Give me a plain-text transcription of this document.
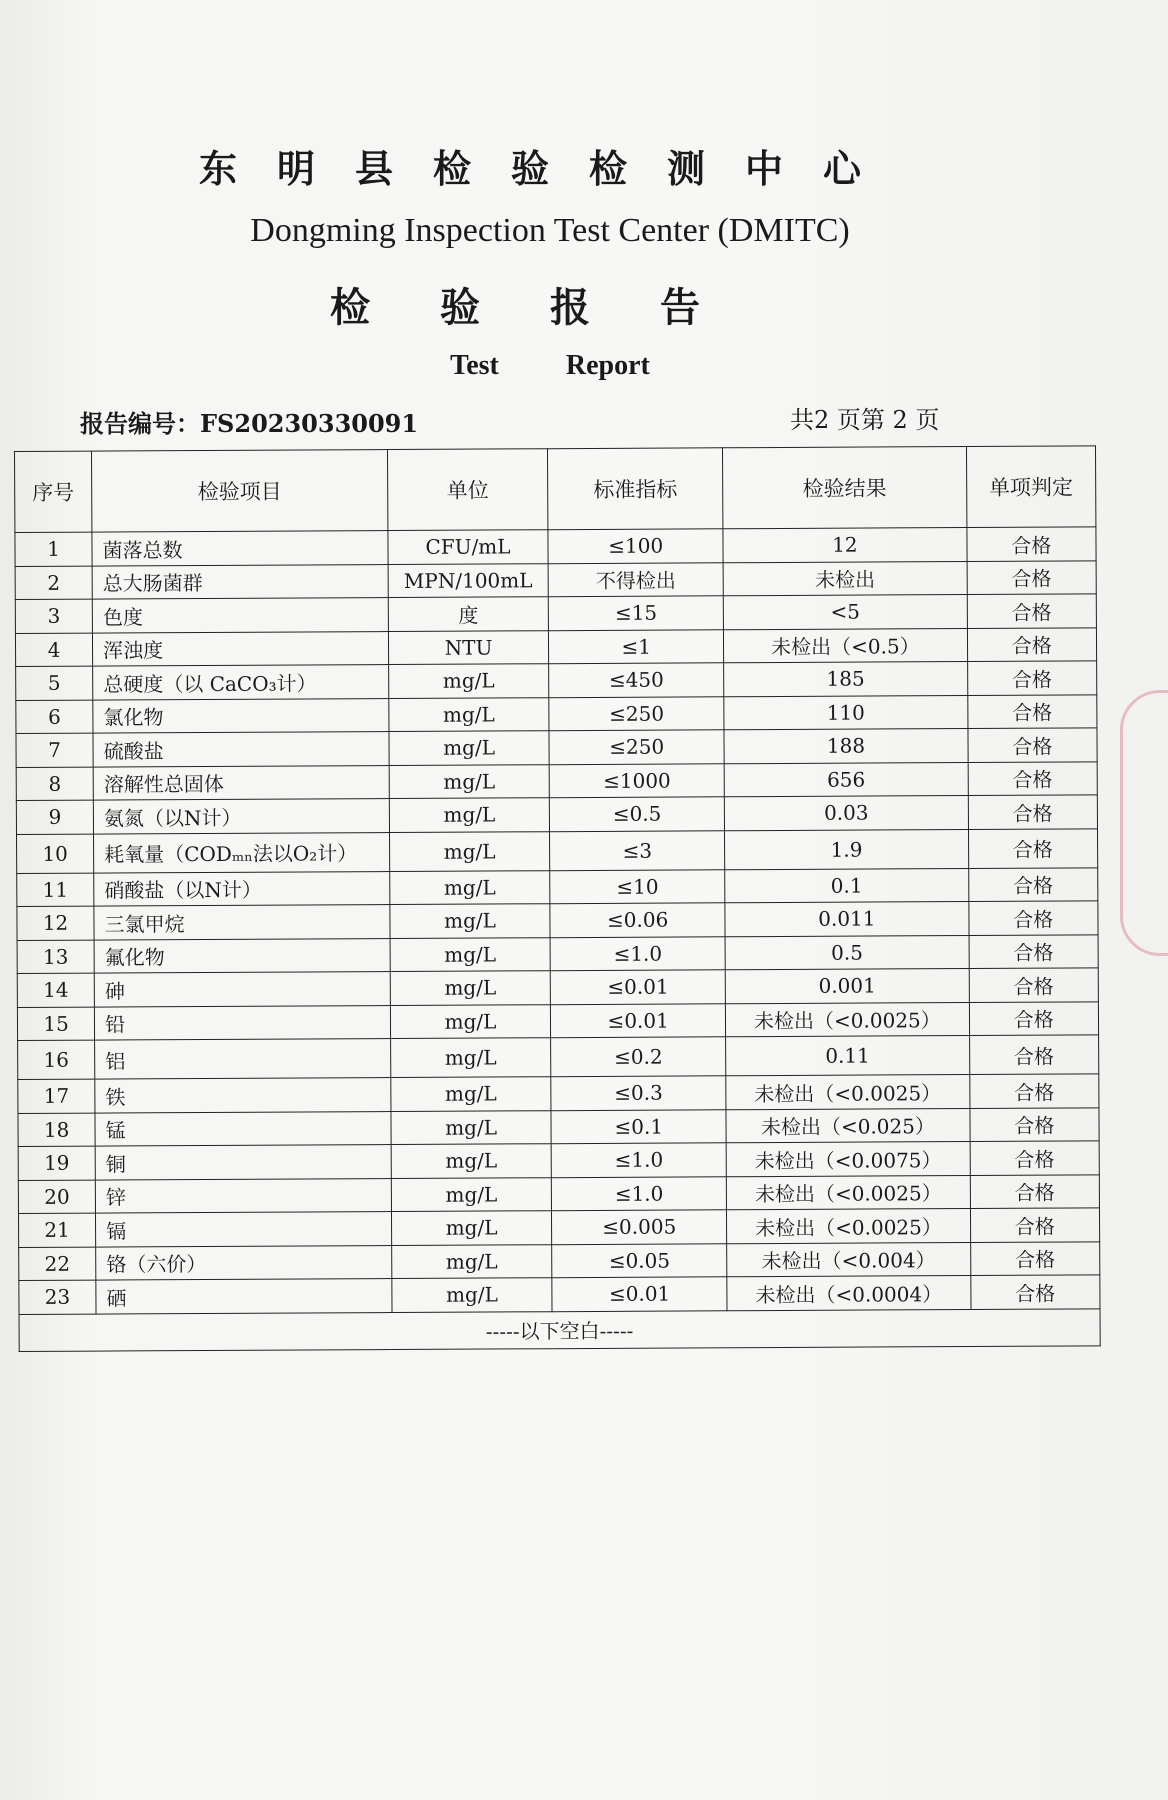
东明县检验检测中心
Dongming Inspection Test Center (DMITC)
检验报告
Test Report
报告编号：FS20230330091	共2 页第 2 页
序号	检验项目	单位	标准指标	检验结果	单项判定
1	菌落总数	CFU/mL	≤100	12	合格
2	总大肠菌群	MPN/100mL	不得检出	未检出	合格
3	色度	度	≤15	<5	合格
4	浑浊度	NTU	≤1	未检出（<0.5）	合格
5	总硬度（以 CaCO₃计）	mg/L	≤450	185	合格
6	氯化物	mg/L	≤250	110	合格
7	硫酸盐	mg/L	≤250	188	合格
8	溶解性总固体	mg/L	≤1000	656	合格
9	氨氮（以N计）	mg/L	≤0.5	0.03	合格
10	耗氧量（CODₘₙ法以O₂计）	mg/L	≤3	1.9	合格
11	硝酸盐（以N计）	mg/L	≤10	0.1	合格
12	三氯甲烷	mg/L	≤0.06	0.011	合格
13	氟化物	mg/L	≤1.0	0.5	合格
14	砷	mg/L	≤0.01	0.001	合格
15	铅	mg/L	≤0.01	未检出（<0.0025）	合格
16	铝	mg/L	≤0.2	0.11	合格
17	铁	mg/L	≤0.3	未检出（<0.0025）	合格
18	锰	mg/L	≤0.1	未检出（<0.025）	合格
19	铜	mg/L	≤1.0	未检出（<0.0075）	合格
20	锌	mg/L	≤1.0	未检出（<0.0025）	合格
21	镉	mg/L	≤0.005	未检出（<0.0025）	合格
22	铬（六价）	mg/L	≤0.05	未检出（<0.004）	合格
23	硒	mg/L	≤0.01	未检出（<0.0004）	合格
-----以下空白-----					
